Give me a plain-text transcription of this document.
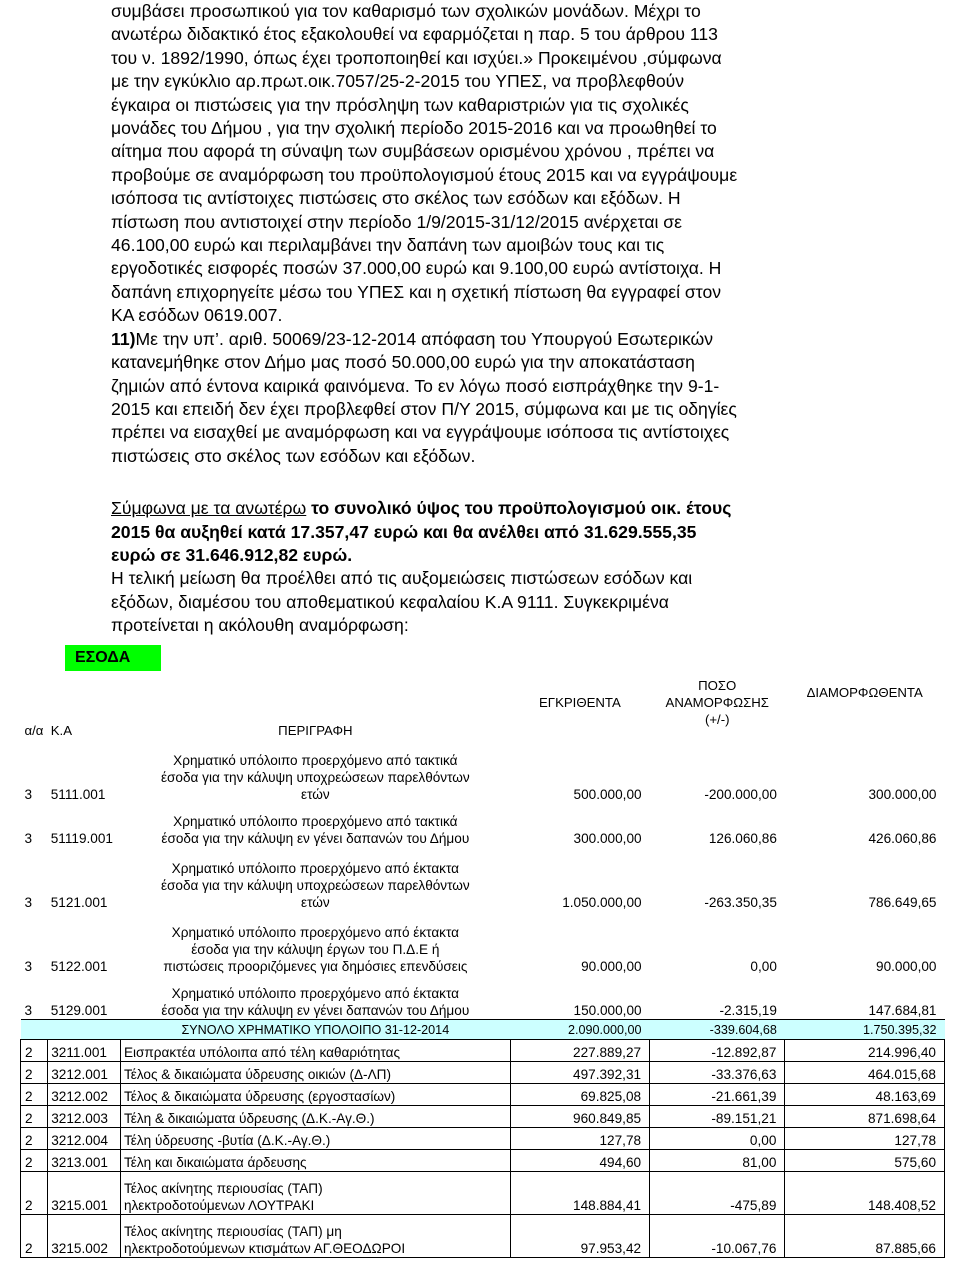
συμβάσει προσωπικού για τον καθαρισμό των σχολικών μονάδων. Μέχρι το

ανωτέρω διδακτικό έτος εξακολουθεί να εφαρμόζεται η παρ. 5 του άρθρου 113

του ν. 1892/1990, όπως έχει τροποποιηθεί και ισχύει.» Προκειμένου ,σύμφωνα

με την εγκύκλιο αρ.πρωτ.οικ.7057/25-2-2015 του ΥΠΕΣ, να προβλεφθούν

έγκαιρα οι πιστώσεις για την πρόσληψη των καθαριστριών για τις σχολικές

μονάδες του Δήμου , για την σχολική περίοδο 2015-2016 και να προωθηθεί το

αίτημα που αφορά τη σύναψη των συμβάσεων ορισμένου χρόνου , πρέπει να

προβούμε σε αναμόρφωση του προϋπολογισμού έτους 2015 και να εγγράψουμε

ισόποσα τις αντίστοιχες πιστώσεις στο σκέλος των εσόδων και εξόδων. Η

πίστωση που αντιστοιχεί στην περίοδο 1/9/2015-31/12/2015 ανέρχεται σε

46.100,00 ευρώ και περιλαμβάνει την δαπάνη των αμοιβών τους και τις

εργοδοτικές εισφορές ποσών 37.000,00 ευρώ και 9.100,00 ευρώ αντίστοιχα. Η

δαπάνη επιχορηγείτε μέσω του ΥΠΕΣ και η σχετική πίστωση θα εγγραφεί στον

ΚΑ εσόδων 0619.007.

11)Με την υπ’. αριθ. 50069/23-12-2014 απόφαση του Υπουργού Εσωτερικών

κατανεμήθηκε στον Δήμο μας ποσό 50.000,00 ευρώ για την αποκατάσταση

ζημιών από έντονα καιρικά φαινόμενα. Το εν λόγω ποσό εισπράχθηκε την 9-1-

2015 και επειδή δεν έχει προβλεφθεί στον Π/Υ 2015, σύμφωνα και με τις οδηγίες

πρέπει να εισαχθεί με αναμόρφωση και να εγγράψουμε ισόποσα τις αντίστοιχες

πιστώσεις στο σκέλος των εσόδων και εξόδων.

Σύμφωνα με τα ανωτέρω το συνολικό ύψος του προϋπολογισμού οικ. έτους

2015 θα αυξηθεί κατά 17.357,47 ευρώ και θα ανέλθει από 31.629.555,35

ευρώ σε 31.646.912,82 ευρώ.

Η τελική μείωση θα προέλθει από τις αυξομειώσεις πιστώσεων εσόδων και

εξόδων, διαμέσου του αποθεματικού κεφαλαίου Κ.Α 9111. Συγκεκριμένα

προτείνεται η ακόλουθη αναμόρφωση:

ΕΣΟΔΑ
α/α	Κ.Α	ΠΕΡΙΓΡΑΦΗ	ΕΓΚΡΙΘΕΝΤΑ	ΠΟΣΟ
ΑΝΑΜΟΡΦΩΣΗΣ
(+/-)	ΔΙΑΜΟΡΦΩΘΕΝΤΑ
3	5111.001	Χρηματικό υπόλοιπο προερχόμενο από τακτικά
έσοδα για την κάλυψη υποχρεώσεων παρελθόντων
ετών	500.000,00	-200.000,00	300.000,00
3	51119.001	Χρηματικό υπόλοιπο προερχόμενο από τακτικά
έσοδα για την κάλυψη εν γένει δαπανών του Δήμου	300.000,00	126.060,86	426.060,86
3	5121.001	Χρηματικό υπόλοιπο προερχόμενο από έκτακτα
έσοδα για την κάλυψη υποχρεώσεων παρελθόντων
ετών	1.050.000,00	-263.350,35	786.649,65
3	5122.001	Χρηματικό υπόλοιπο προερχόμενο από έκτακτα
έσοδα για την κάλυψη έργων του Π.Δ.Ε ή
πιστώσεις προοριζόμενες για δημόσιες επενδύσεις	90.000,00	0,00	90.000,00
3	5129.001	Χρηματικό υπόλοιπο προερχόμενο από έκτακτα
έσοδα για την κάλυψη εν γένει δαπανών του Δήμου	150.000,00	-2.315,19	147.684,81
		ΣΥΝΟΛΟ ΧΡΗΜΑΤΙΚΟ ΥΠΟΛΟΙΠΟ 31-12-2014	2.090.000,00	-339.604,68	1.750.395,32
2	3211.001	Εισπρακτέα υπόλοιπα από τέλη καθαριότητας	227.889,27	-12.892,87	214.996,40
2	3212.001	Τέλος & δικαιώματα ύδρευσης οικιών (Δ-ΛΠ)	497.392,31	-33.376,63	464.015,68
2	3212.002	Τέλος & δικαιώματα ύδρευσης (εργοστασίων)	69.825,08	-21.661,39	48.163,69
2	3212.003	Τέλη & δικαιώματα ύδρευσης (Δ.Κ.-Αγ.Θ.)	960.849,85	-89.151,21	871.698,64
2	3212.004	Τέλη ύδρευσης -βυτία (Δ.Κ.-Αγ.Θ.)	127,78	0,00	127,78
2	3213.001	Τέλη και δικαιώματα άρδευσης	494,60	81,00	575,60
2	3215.001	Τέλος ακίνητης περιουσίας (ΤΑΠ)
ηλεκτροδοτούμενων ΛΟΥΤΡΑΚΙ	148.884,41	-475,89	148.408,52
2	3215.002	Τέλος ακίνητης περιουσίας (ΤΑΠ) μη
ηλεκτροδοτούμενων κτισμάτων ΑΓ.ΘΕΟΔΩΡΟΙ	97.953,42	-10.067,76	87.885,66
